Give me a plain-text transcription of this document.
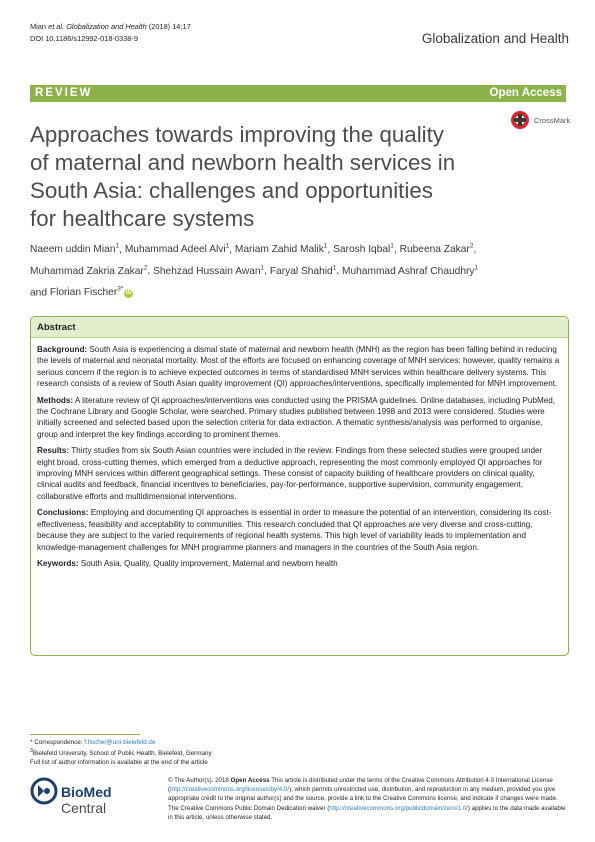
Mian et al. Globalization and Health (2018) 14:17
DOI 10.1186/s12992-018-0338-9	Globalization and Health
REVIEW	Open Access
Approaches towards improving the quality
of maternal and newborn health services in
South Asia: challenges and opportunities
for healthcare systems
CrossMark
Naeem uddin Mian$^1$, Muhammad Adeel Alvi$^1$, Mariam Zahid Malik$^1$, Sarosh Iqbal$^1$, Rubeena Zakar$^2$,
Muhammad Zakria Zakar$^2$, Shehzad Hussain Awan$^1$, Faryal Shahid$^1$, Muhammad Ashraf Chaudhry$^1$
and Florian Fischer$^{3*}$iD
Abstract

Background: South Asia is experiencing a dismal state of maternal and newborn health (MNH) as the region has been falling behind in reducing the levels of maternal and neonatal mortality. Most of the efforts are focused on enhancing coverage of MNH services; however, quality remains a serious concern if the region is to achieve expected outcomes in terms of standardised MNH services within healthcare delivery systems. This research consists of a review of South Asian quality improvement (QI) approaches/interventions, specifically implemented for MNH improvement.

Methods: A literature review of QI approaches/interventions was conducted using the PRISMA guidelines. Online databases, including PubMed, the Cochrane Library and Google Scholar, were searched. Primary studies published between 1998 and 2013 were considered. Studies were initially screened and selected based upon the selection criteria for data extraction. A thematic synthesis/analysis was performed to organise, group and interpret the key findings according to prominent themes.

Results: Thirty studies from six South Asian countries were included in the review. Findings from these selected studies were grouped under eight broad, cross-cutting themes, which emerged from a deductive approach, representing the most commonly employed QI approaches for improving MNH services within different geographical settings. These consist of capacity building of healthcare providers on clinical quality, clinical audits and feedback, financial incentives to beneficiaries, pay-for-performance, supportive supervision, community engagement, collaborative efforts and multidimensional interventions.

Conclusions: Employing and documenting QI approaches is essential in order to measure the potential of an intervention, considering its cost-effectiveness, feasibility and acceptability to communities. This research concluded that QI approaches are very diverse and cross-cutting, because they are subject to the varied requirements of regional health systems. This high level of variability leads to implementation and knowledge-management challenges for MNH programme planners and managers in the countries of the South Asia region.

Keywords: South Asia, Quality, Quality improvement, Maternal and newborn health

* Correspondence: f.fischer@uni-bielefeld.de
$^3$Bielefeld University, School of Public Health, Bielefeld, Germany
Full list of author information is available at the end of the article
BioMed Central
© The Author(s). 2018 Open Access This article is distributed under the terms of the Creative Commons Attribution 4.0 International License (http://creativecommons.org/licenses/by/4.0/), which permits unrestricted use, distribution, and reproduction in any medium, provided you give appropriate credit to the original author(s) and the source, provide a link to the Creative Commons license, and indicate if changes were made. The Creative Commons Public Domain Dedication waiver (http://creativecommons.org/publicdomain/zero/1.0/) applies to the data made available in this article, unless otherwise stated.
